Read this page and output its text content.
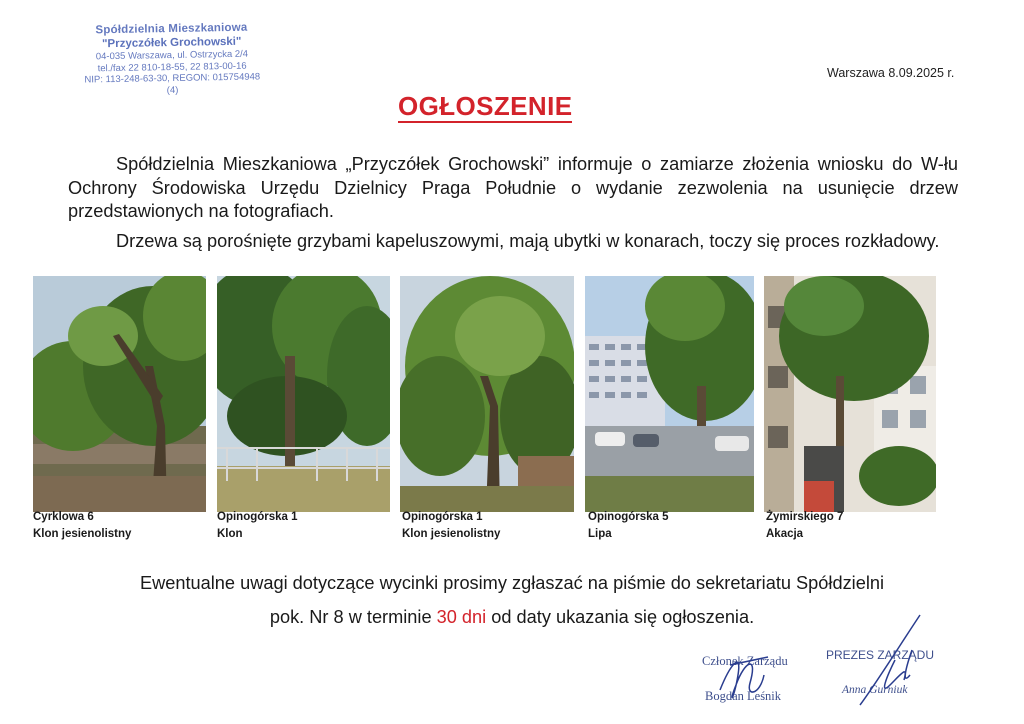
Spółdzielnia Mieszkaniowa
"Przyczółek Grochowski"
04-035 Warszawa, ul. Ostrzycka 2/4
tel./fax 22 810-18-55, 22 813-00-16
NIP: 113-248-63-30, REGON: 015754948
(4)
Warszawa 8.09.2025 r.
OGŁOSZENIE
Spółdzielnia Mieszkaniowa „Przyczółek Grochowski” informuje o zamiarze złożenia wniosku do W-łu Ochrony Środowiska Urzędu Dzielnicy Praga Południe o wydanie zezwolenia na usunięcie drzew przedstawionych na fotografiach.
Drzewa są porośnięte grzybami kapeluszowymi, mają ubytki w konarach, toczy się proces rozkładowy.
Cyrklowa 6
Klon jesienolistny
Opinogórska 1
Klon
Opinogórska 1
Klon jesienolistny
Opinogórska 5
Lipa
Żymirskiego 7
Akacja
Ewentualne uwagi dotyczące wycinki prosimy zgłaszać na piśmie do sekretariatu Spółdzielni
pok. Nr 8 w terminie 30 dni od daty ukazania się ogłoszenia.
Członek Zarządu
Bogdan Leśnik
PREZES ZARZĄDU
Anna Gurniuk
